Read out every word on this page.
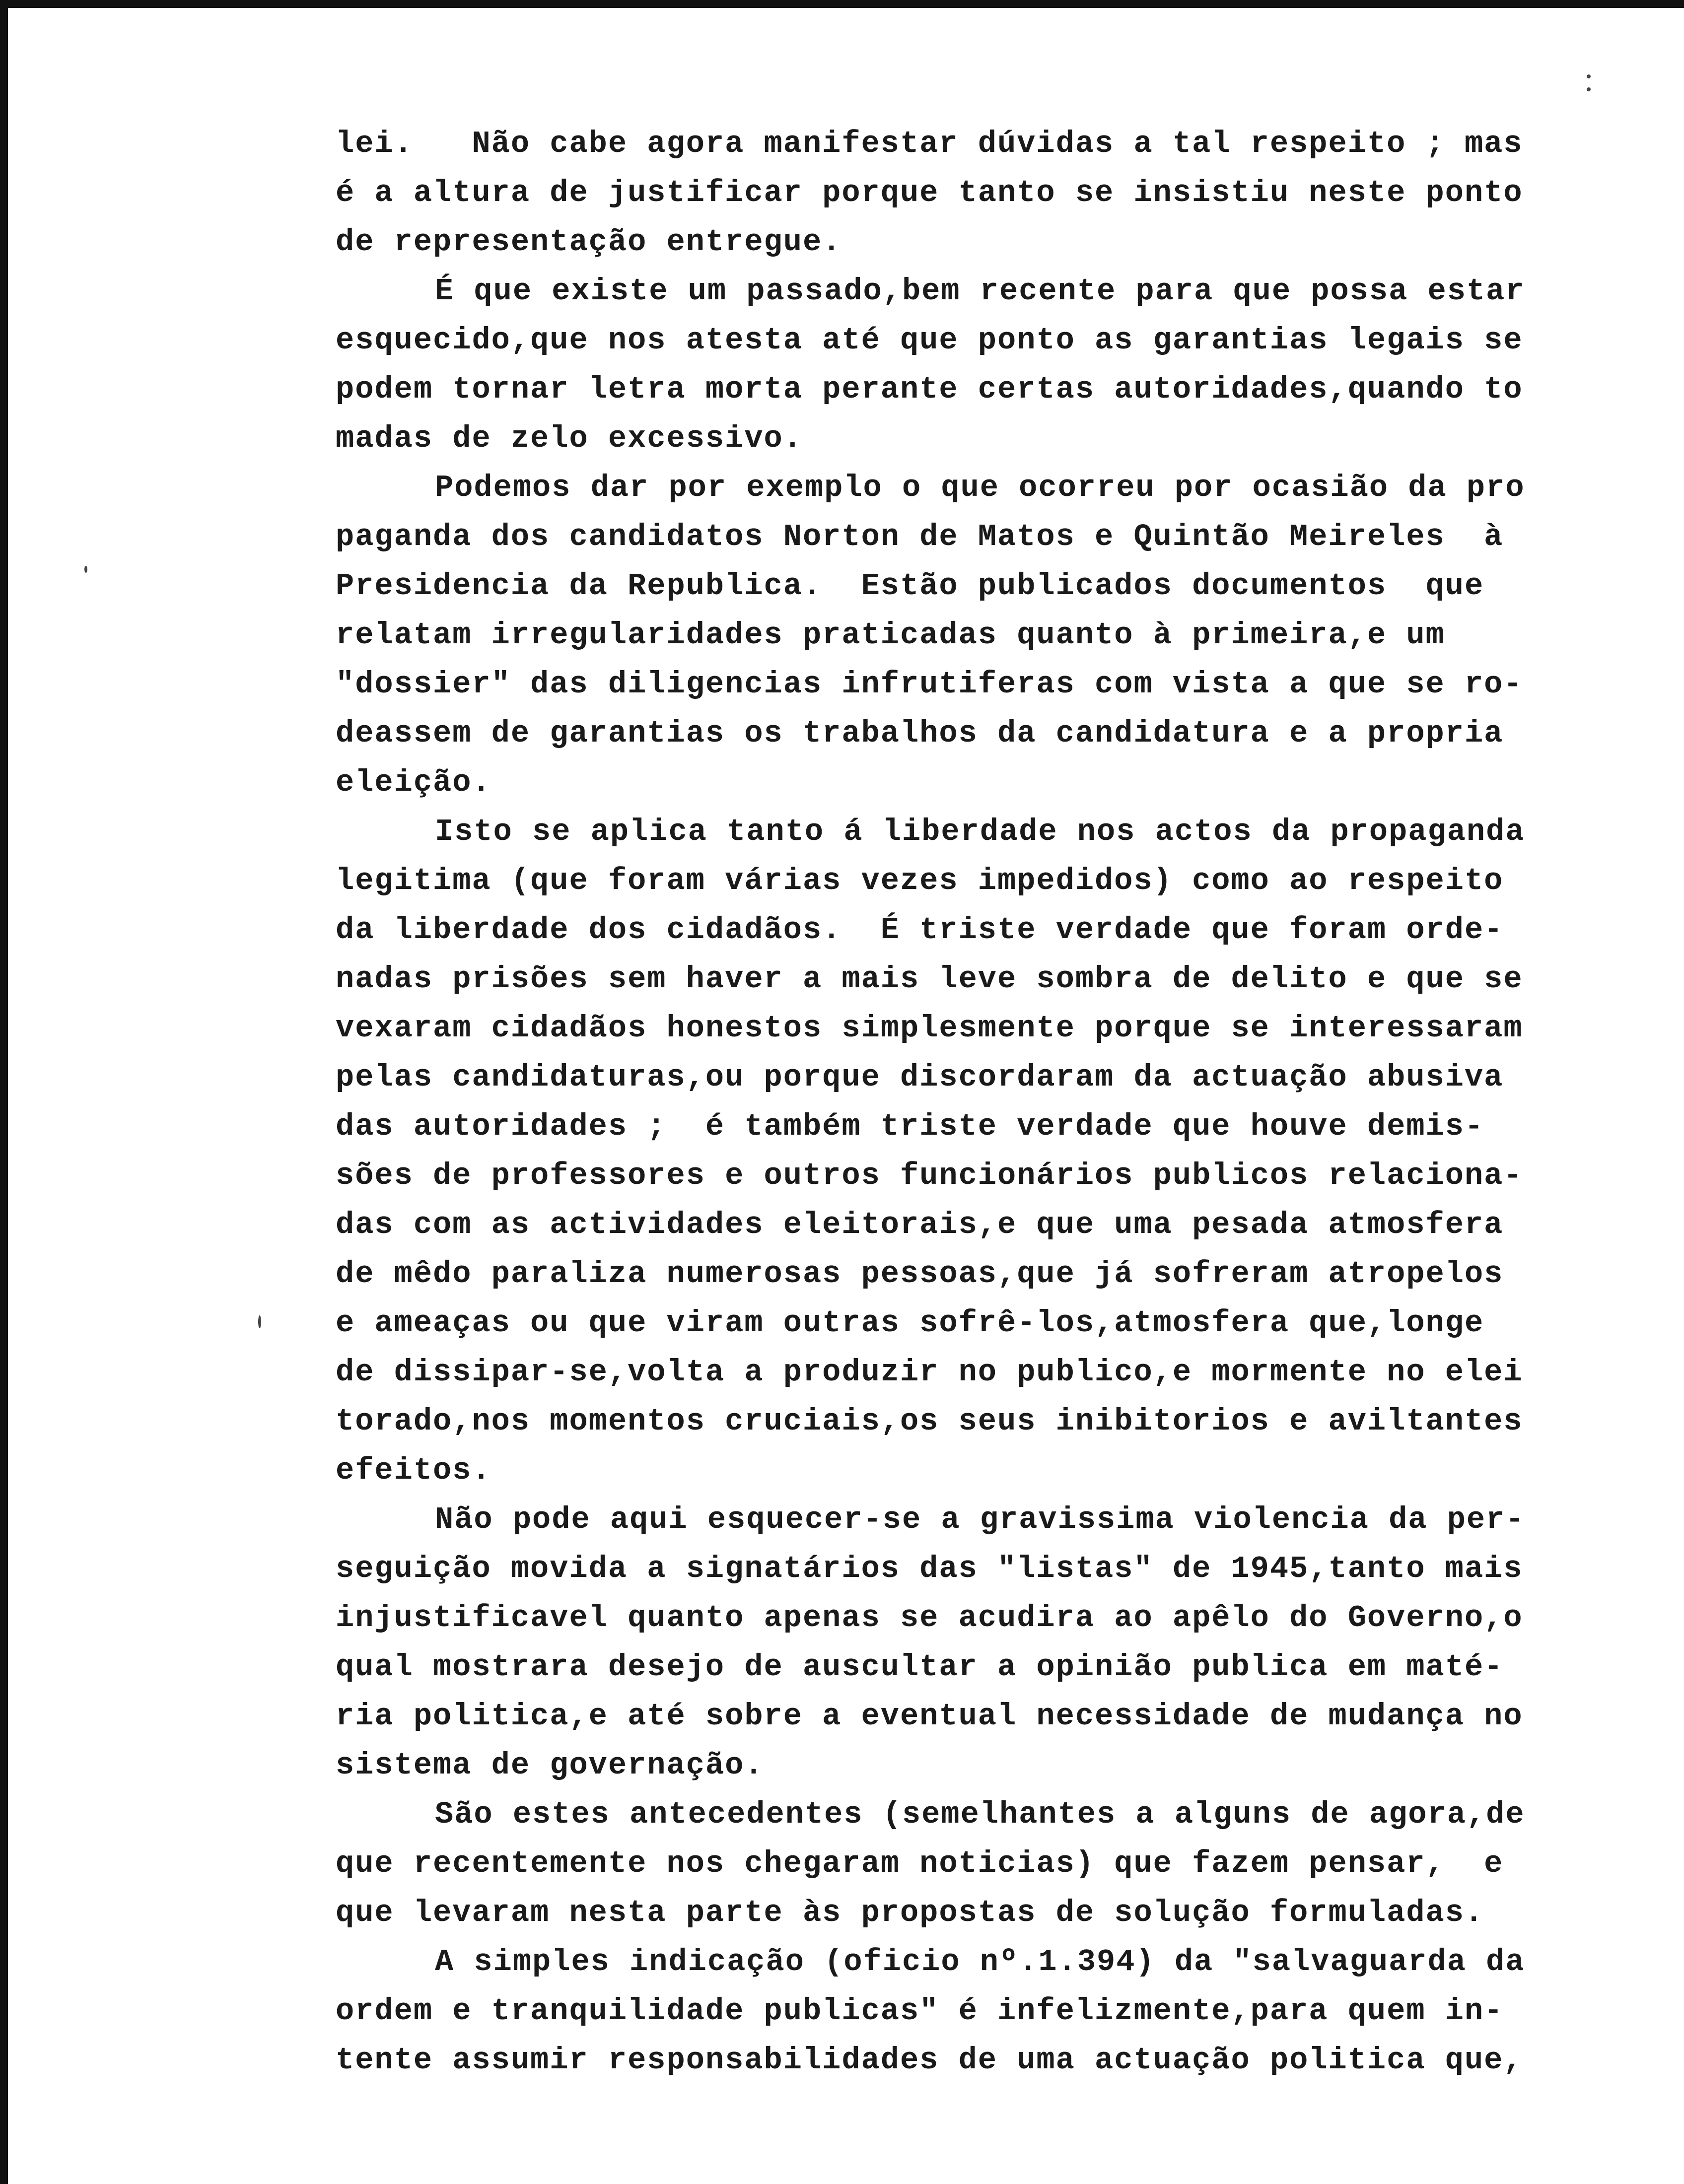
lei.   Não cabe agora manifestar dúvidas a tal respeito ; mas
é a altura de justificar porque tanto se insistiu neste ponto
de representação entregue.
É que existe um passado,bem recente para que possa estar
esquecido,que nos atesta até que ponto as garantias legais se
podem tornar letra morta perante certas autoridades,quando to
madas de zelo excessivo.
Podemos dar por exemplo o que ocorreu por ocasião da pro
paganda dos candidatos Norton de Matos e Quintão Meireles  à
Presidencia da Republica.  Estão publicados documentos  que
relatam irregularidades praticadas quanto à primeira,e um
"dossier" das diligencias infrutiferas com vista a que se ro-
deassem de garantias os trabalhos da candidatura e a propria
eleição.
Isto se aplica tanto á liberdade nos actos da propaganda
legitima (que foram várias vezes impedidos) como ao respeito
da liberdade dos cidadãos.  É triste verdade que foram orde-
nadas prisões sem haver a mais leve sombra de delito e que se
vexaram cidadãos honestos simplesmente porque se interessaram
pelas candidaturas,ou porque discordaram da actuação abusiva
das autoridades ;  é também triste verdade que houve demis-
sões de professores e outros funcionários publicos relaciona-
das com as actividades eleitorais,e que uma pesada atmosfera
de mêdo paraliza numerosas pessoas,que já sofreram atropelos
e ameaças ou que viram outras sofrê-los,atmosfera que,longe
de dissipar-se,volta a produzir no publico,e mormente no elei
torado,nos momentos cruciais,os seus inibitorios e aviltantes
efeitos.
Não pode aqui esquecer-se a gravissima violencia da per-
seguição movida a signatários das "listas" de 1945,tanto mais
injustificavel quanto apenas se acudira ao apêlo do Governo,o
qual mostrara desejo de auscultar a opinião publica em maté-
ria politica,e até sobre a eventual necessidade de mudança no
sistema de governação.
São estes antecedentes (semelhantes a alguns de agora,de
que recentemente nos chegaram noticias) que fazem pensar,  e
que levaram nesta parte às propostas de solução formuladas.
A simples indicação (oficio nº.1.394) da "salvaguarda da
ordem e tranquilidade publicas" é infelizmente,para quem in-
tente assumir responsabilidades de uma actuação politica que,
